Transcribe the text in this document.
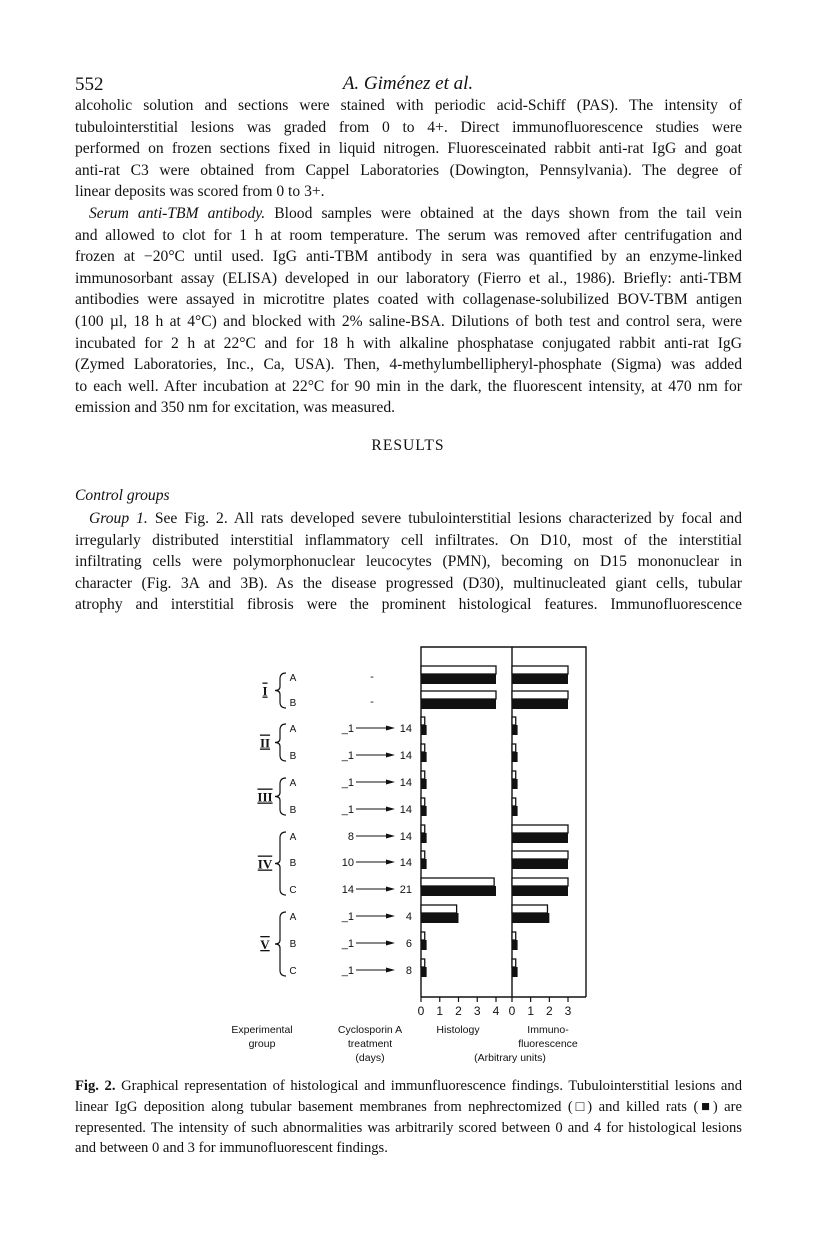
552	A. Giménez et al.
alcoholic solution and sections were stained with periodic acid-Schiff (PAS). The intensity of
tubulointerstitial lesions was graded from 0 to 4+. Direct immunofluorescence studies were
performed on frozen sections fixed in liquid nitrogen. Fluoresceinated rabbit anti-rat IgG and goat
anti-rat C3 were obtained from Cappel Laboratories (Dowington, Pennsylvania). The degree of
linear deposits was scored from 0 to 3+.
Serum anti-TBM antibody. Blood samples were obtained at the days shown from the tail vein
and allowed to clot for 1 h at room temperature. The serum was removed after centrifugation and
frozen at −20°C until used. IgG anti-TBM antibody in sera was quantified by an enzyme-linked
immunosorbant assay (ELISA) developed in our laboratory (Fierro et al., 1986). Briefly: anti-TBM
antibodies were assayed in microtitre plates coated with collagenase-solubilized BOV-TBM antigen
(100 µl, 18 h at 4°C) and blocked with 2% saline-BSA. Dilutions of both test and control sera, were
incubated for 2 h at 22°C and for 18 h with alkaline phosphatase conjugated rabbit anti-rat IgG
(Zymed Laboratories, Inc., Ca, USA). Then, 4-methylumbellipheryl-phosphate (Sigma) was added
to each well. After incubation at 22°C for 90 min in the dark, the fluorescent intensity, at 470 nm for
emission and 350 nm for excitation, was measured.
RESULTS
Control groups
Group 1. See Fig. 2. All rats developed severe tubulointerstitial lesions characterized by focal and
irregularly distributed interstitial inflammatory cell infiltrates. On D10, most of the interstitial
infiltrating cells were polymorphonuclear leucocytes (PMN), becoming on D15 mononuclear in
character (Fig. 3A and 3B). As the disease progressed (D30), multinucleated giant cells, tubular
atrophy and interstitial fibrosis were the prominent histological features. Immunofluorescence
0 1 2 3 4 0 1 2 3
A	-
B	-
I
A	_1	14
B	_1	14
II
A	_1	14
B	_1	14
III
A	8	14
B	10	14
C	14	21
IV
A	_1	4
B	_1	6
C	_1	8
V
Experimental
group
Cyclosporin A
treatment
(days)
Histology	Immuno-
fluorescence
(Arbitrary units)
Fig. 2. Graphical representation of histological and immunfluorescence findings. Tubulointerstitial lesions and
linear IgG deposition along tubular basement membranes from nephrectomized (□) and killed rats (■) are
represented. The intensity of such abnormalities was arbitrarily scored between 0 and 4 for histological lesions
and between 0 and 3 for immunofluorescent findings.
